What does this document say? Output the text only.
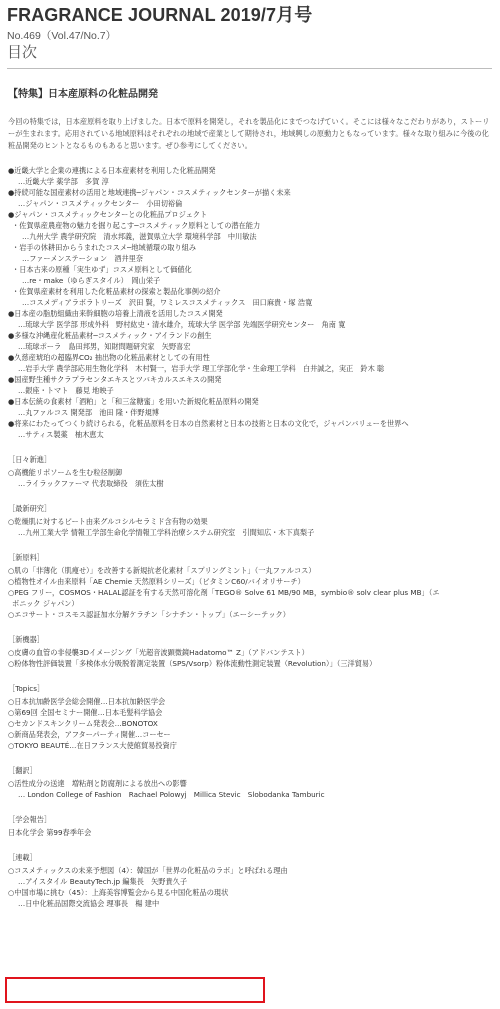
FRAGRANCE JOURNAL 2019/7月号
No.469（Vol.47/No.7）
目次
【特集】日本産原料の化粧品開発
今回の特集では，日本産原料を取り上げました。日本で原料を開発し，それを製品化にまでつなげていく。そこには様々なこだわりがあり，ストーリーが生まれます。応用されている地域原料はそれぞれの地域で産業として期待され，地域興しの原動力ともなっています。様々な取り組みに今後の化粧品開発のヒントとなるものもあると思います。ぜひ参考にしてください。
●近畿大学と企業の連携による日本産素材を利用した化粧品開発
…近畿大学 薬学部　多賀 淳
●持続可能な国産素材の活用と地域連携─ジャパン・コスメティックセンターが描く未来
…ジャパン・コスメティックセンター　小田切裕倫
●ジャパン・コスメティックセンターとの化粧品プロジェクト
・佐賀県産農産物の魅力を掘り起こす─コスメティック原料としての潜在能力
…九州大学 農学研究院　清水邦義，滋賀県立大学 環境科学部　中川敏法
・岩手の休耕田からうまれたコスメ─地域循環の取り組み
…ファーメンステーション　酒井里奈
・日本古来の原種「実生ゆず」コスメ原料として価値化
…re・make（ゆらぎスタイル）　岡山栄子
・佐賀県産素材を利用した化粧品素材の探索と製品化事例の紹介
…コスメディアラボラトリーズ　沢田 賢，ワミレスコスメティックス　田口麻貴・塚 浩寛
●日本産の脂肪組織由来幹細胞の培養上清液を活用したコスメ開発
…琉球大学 医学部 形成外科　野村紘史・清水雄介，琉球大学 医学部 先端医学研究センター　角南 寛
●多様な沖縄産化粧品素材─コスメティック・アイランドの創生
…琉球ポーラ　島田邦男，知財問題研究家　矢野喜宏
●久慈産琥珀の超臨界CO₂ 抽出物の化粧品素材としての有用性
…岩手大学 農学部応用生物化学科　木村賢一，岩手大学 理工学部化学・生命理工学科　白井誠之，実正　鈴木 聡
●国産野生種サクラプラセンタエキスとツバキカルスエキスの開発
…銀座・トマト　藤見 地映子
●日本伝統の食素材「酒粕」と「和三盆糖蜜」を用いた新規化粧品原料の開発
…丸ファルコス 開発部　池田 隆・伴野規博
●将来にわたってつくり続けられる，化粧品原料を日本の自然素材と日本の技術と日本の文化で，ジャパンバリューを世界へ
…サティス製薬　柚木恵太
［日々新進］
○高機能リポソームを生む粒径制御
…ライラックファーマ 代表取締役　須佐太樹
［最新研究］
○乾燥肌に対するビート由来グルコシルセラミド含有物の効果
…九州工業大学 情報工学部生命化学情報工学科治療システム研究室　引間知広・木下真梨子
［新原料］
○肌の「非薄化（肌痩せ）」を改善する新規抗老化素材「スプリングミント」（一丸ファルコス）
○植物性オイル由来原料「AE Chemie 天然原料シリーズ」（ビタミンC60/バイオリサーチ）
○PEG フリー，COSMOS・HALAL認証を有する天然可溶化剤「TEGO® Solve 61 MB/90 MB，symbio® solv clear plus MB」（エ
ボニック ジャパン）
○エコサート・コスモス認証加水分解ケラチン「シナチン・トップ」（エーシーテック）
［新機器］
○皮膚の血管の非侵襲3Dイメージング「光超音波顕微鏡Hadatomo™ Z」（アドバンテスト）
○粉体物性評価装置「多検体水分吸脱着測定装置（SPS/Vsorp）粉体流動性測定装置（Revolution）」（三洋貿易）
［Topics］
○日本抗加齢医学会総会開催…日本抗加齢医学会
○第69回 全国セミナー開催…日本毛髪科学協会
○セカンドスキンクリーム発表会…BONOTOX
○新商品発表会，アフターパーティ開催…コーセー
○TOKYO BEAUTÉ…在日フランス大使館貿易投資庁
［翻訳］
○活性成分の送達　増粘剤と防腐剤による放出への影響
… London College of Fashion　Rachael Polowyj　Millica Stevic　Slobodanka Tamburic
［学会報告］
日本化学会 第99春季年会
［連載］
○コスメティックスの未来予想図（4）：韓国が「世界の化粧品のラボ」と呼ばれる理由
…アイスタイル BeautyTech.jp 編集長　矢野貴久子
○中国市場に挑む（45）：上海美容博覧会から見る中国化粧品の現状
…日中化粧品国際交流協会 理事長　楊 建中
